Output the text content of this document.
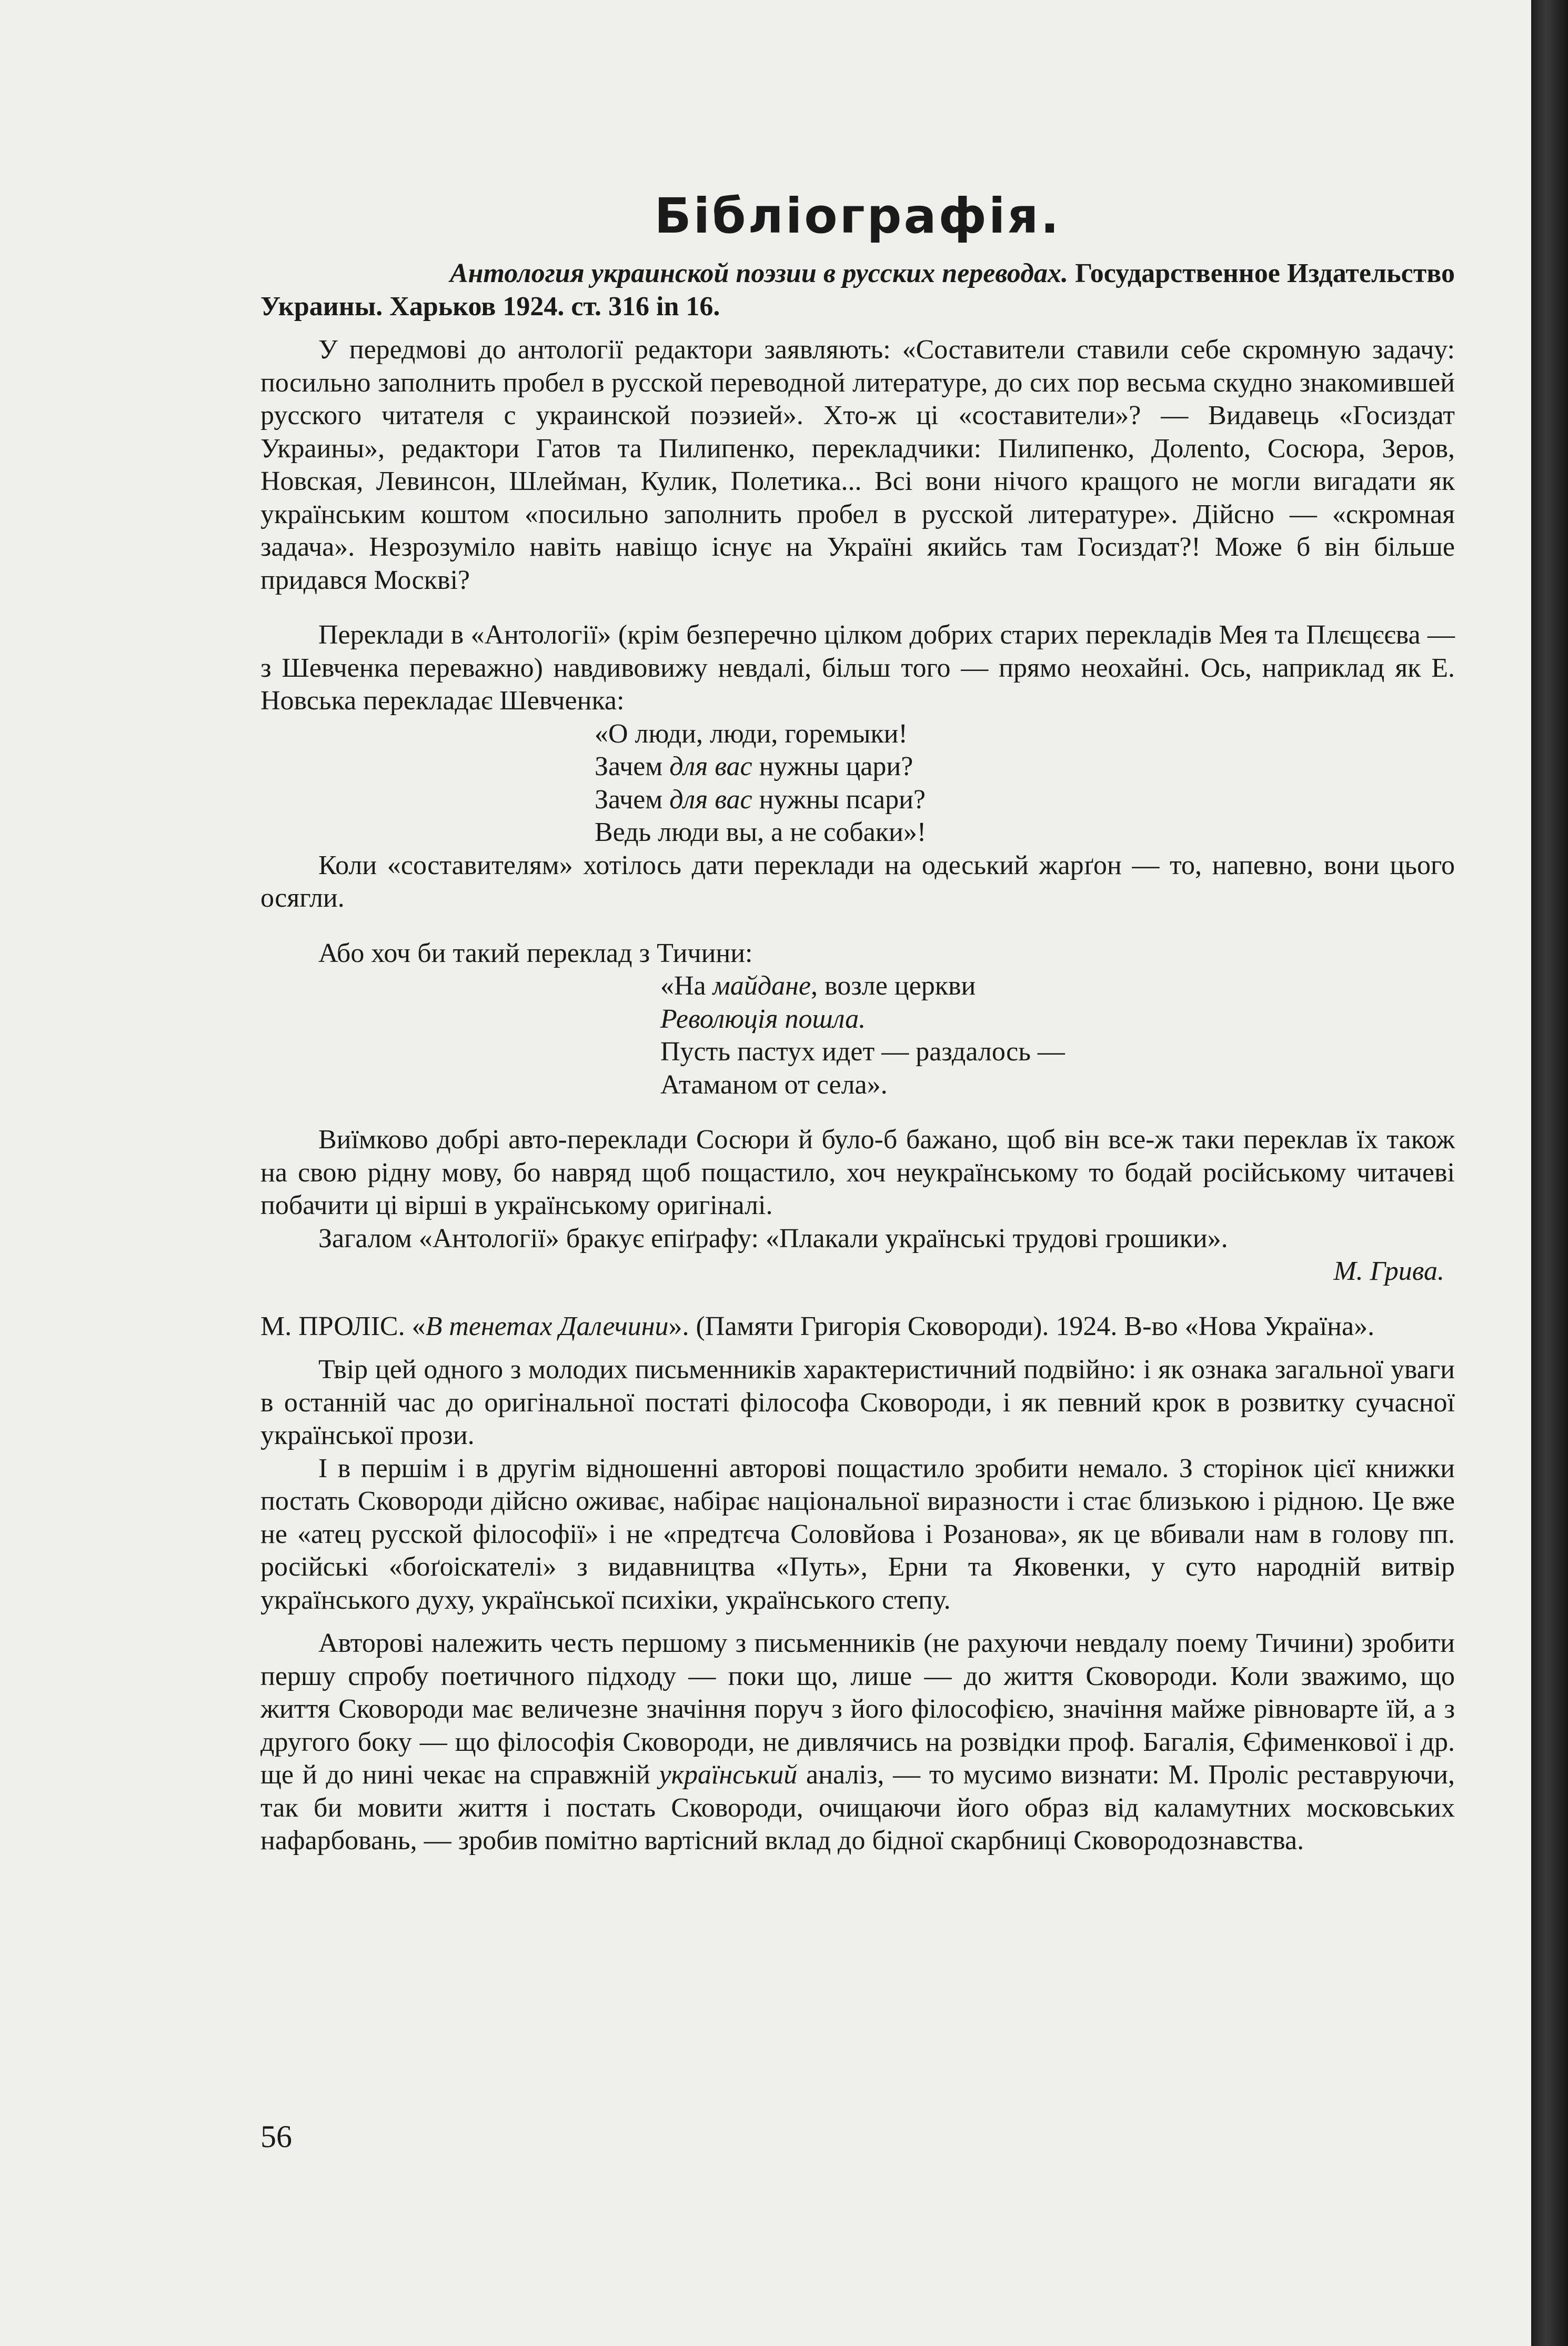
Бібліографія.

Антология украинской поэзии в русских переводах. Государственное Издательство Украины. Харьков 1924. ст. 316 in 16.

У передмові до антології редактори заявляють: «Составители ставили себе скромную задачу: посильно заполнить пробел в русской переводной литературе, до сих пор весьма скудно знакомившей русского читателя с украинской поэзией». Хто-ж ці «составители»? — Видавець «Госиздат Украины», редактори Гатов та Пилипенко, перекладчики: Пилипенко, Долento, Сосюра, Зеров, Новская, Левинсон, Шлейман, Кулик, Полетика... Всі вони нічого кращого не могли вигадати як українським коштом «посильно заполнить пробел в русской литературе». Дійсно — «скромная задача». Незрозуміло навіть навіщо існує на Україні якийсь там Госиздат?! Може б він більше придався Москві?

Переклади в «Антології» (крім безперечно цілком добрих старих перекладів Мея та Плєщєєва — з Шевченка переважно) навдивовижу невдалі, більш того — прямо неохайні. Ось, наприклад як Е. Новська перекладає Шевченка:

«О люди, люди, горемыки!

Зачем для вас нужны цари?

Зачем для вас нужны псари?

Ведь люди вы, а не собаки»!

Коли «составителям» хотілось дати переклади на одеський жарґон — то, напевно, вони цього осягли.

Або хоч би такий переклад з Тичини:

«На майдане, возле церкви

Революція пошла.

Пусть пастух идет — раздалось —

Атаманом от села».

Виїмково добрі авто-переклади Сосюри й було-б бажано, щоб він все-ж таки переклав їх також на свою рідну мову, бо навряд щоб пощастило, хоч неукраїнському то бодай російському читачеві побачити ці вірші в українському оригіналі.

Загалом «Антології» бракує епіґрафу: «Плакали українські трудові грошики».

М. Грива.

М. ПРОЛІС. «В тенетах Далечини». (Памяти Григорія Сковороди). 1924. В-во «Нова Україна».

Твір цей одного з молодих письменників характеристичний подвійно: і як ознака загальної уваги в останній час до оригінальної постаті філософа Сковороди, і як певний крок в розвитку сучасної української прози.

І в першім і в другім відношенні авторові пощастило зробити немало. З сторінок цієї книжки постать Сковороди дійсно оживає, набірає національної виразности і стає близькою і рідною. Це вже не «атец русской філософії» і не «предтєча Соловйова і Розанова», як це вбивали нам в голову пп. російські «боґоіскателі» з видавництва «Путь», Ерни та Яковенки, у суто народній витвір українського духу, української психіки, українського степу.

Авторові належить честь першому з письменників (не рахуючи невдалу поему Тичини) зробити першу спробу поетичного підходу — поки що, лише — до життя Сковороди. Коли зважимо, що життя Сковороди має величезне значіння поруч з його філософією, значіння майже рівноварте їй, а з другого боку — що філософія Сковороди, не дивлячись на розвідки проф. Багалія, Єфименкової і др. ще й до нині чекає на справжній український аналіз, — то мусимо визнати: М. Проліс реставруючи, так би мовити життя і постать Сковороди, очищаючи його образ від каламутних московських нафарбовань, — зробив помітно вартісний вклад до бідної скарбниці Сковородознавства.

56
